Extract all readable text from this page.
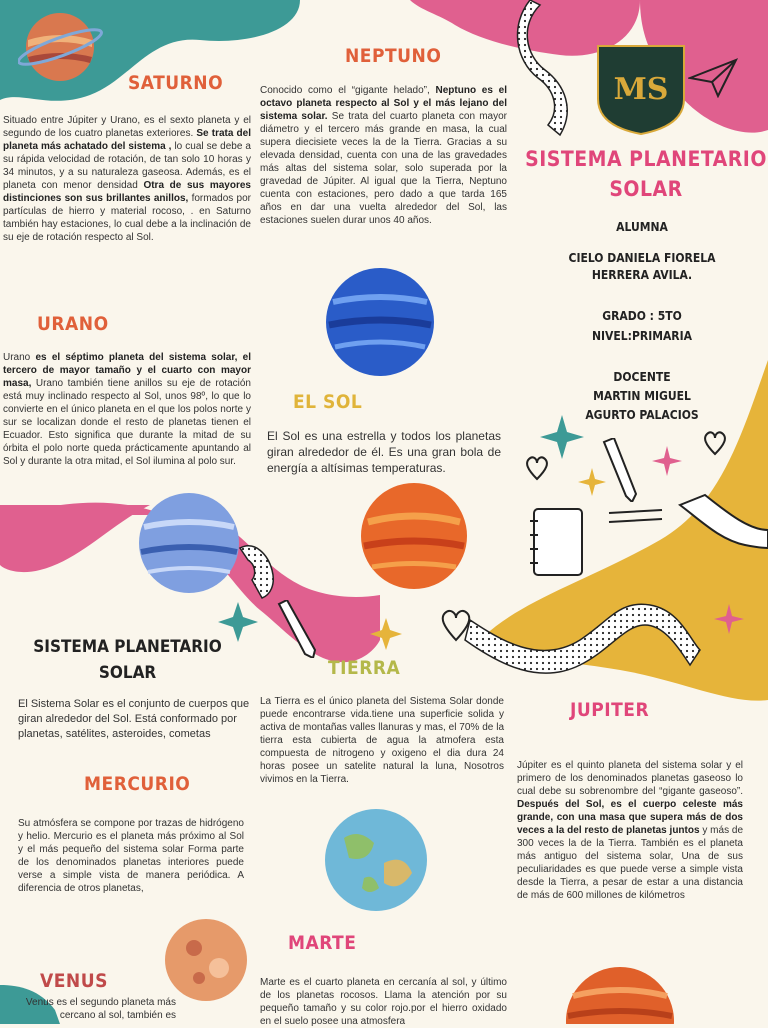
MS
SATURNO
Situado entre Júpiter y Urano, es el sexto planeta y el segundo de los cuatro planetas exteriores. Se trata del planeta más achatado del sistema , lo cual se debe a su rápida velocidad de rotación, de tan solo 10 horas y 34 minutos, y a su naturaleza gaseosa. Además, es el planeta con menor densidad Otra de sus mayores distinciones son sus brillantes anillos, formados por partículas de hierro y material rocoso, . en Saturno también hay estaciones, lo cual debe a la inclinación de su eje de rotación respecto al Sol.
URANO
Urano es el séptimo planeta del sistema solar, el tercero de mayor tamaño y el cuarto con mayor masa, Urano también tiene anillos su eje de rotación está muy inclinado respecto al Sol, unos 98º, lo que lo convierte en el único planeta en el que los polos norte y sur se localizan donde el resto de planetas tienen el Ecuador. Esto significa que durante la mitad de su órbita el polo norte queda prácticamente apuntando al Sol y durante la otra mitad, el Sol ilumina al polo sur.
NEPTUNO
Conocido como el “gigante helado”, Neptuno es el octavo planeta respecto al Sol y el más lejano del sistema solar. Se trata del cuarto planeta con mayor diámetro y el tercero más grande en masa, la cual supera diecisiete veces la de la Tierra. Gracias a su elevada densidad, cuenta con una de las gravedades más altas del sistema solar, solo superada por la gravedad de Júpiter. Al igual que la Tierra, Neptuno cuenta con estaciones, pero dado a que tarda 165 años en dar una vuelta alrededor del Sol, las estaciones suelen durar unos 40 años.
EL SOL
El Sol es una estrella y todos los planetas giran alrededor de él. Es una gran bola de energía a altísimas temperaturas.
SISTEMA PLANETARIO
SOLAR
ALUMNA
CIELO DANIELA FIORELA
HERRERA AVILA.
GRADO : 5TO
NIVEL:PRIMARIA
DOCENTE
MARTIN MIGUEL
AGURTO PALACIOS
SISTEMA PLANETARIO
SOLAR
El Sistema Solar es el conjunto de cuerpos que giran alrededor del Sol. Está conformado por planetas, satélites, asteroides, cometas
MERCURIO
Su atmósfera se compone por trazas de hidrógeno y helio. Mercurio es el planeta más próximo al Sol y el más pequeño del sistema solar Forma parte de los denominados planetas interiores puede verse a simple vista de manera periódica. A diferencia de otros planetas,
VENUS
Venus es el segundo planeta más cercano al sol, también es
TIERRA
La Tierra es el único planeta del Sistema Solar donde puede encontrarse vida.tiene una superficie solida y activa de montañas valles llanuras y mas, el 70% de la tierra esta cubierta de agua la atmofera esta compuesta de nitrogeno y oxigeno el dia dura 24 horas posee un satelite natural la luna, Nosotros vivimos en la Tierra.
MARTE
Marte es el cuarto planeta en cercanía al sol, y último de los planetas rocosos. Llama la atención por su pequeño tamaño y su color rojo.por el hierro oxidado en el suelo posee una atmosfera
JUPITER
Júpiter es el quinto planeta del sistema solar y el primero de los denominados planetas gaseoso lo cual debe su sobrenombre del “gigante gaseoso”. Después del Sol, es el cuerpo celeste más grande, con una masa que supera más de dos veces a la del resto de planetas juntos y más de 300 veces la de la Tierra. También es el planeta más antiguo del sistema solar, Una de sus peculiaridades es que puede verse a simple vista desde la Tierra, a pesar de estar a una distancia de más de 600 millones de kilómetros
